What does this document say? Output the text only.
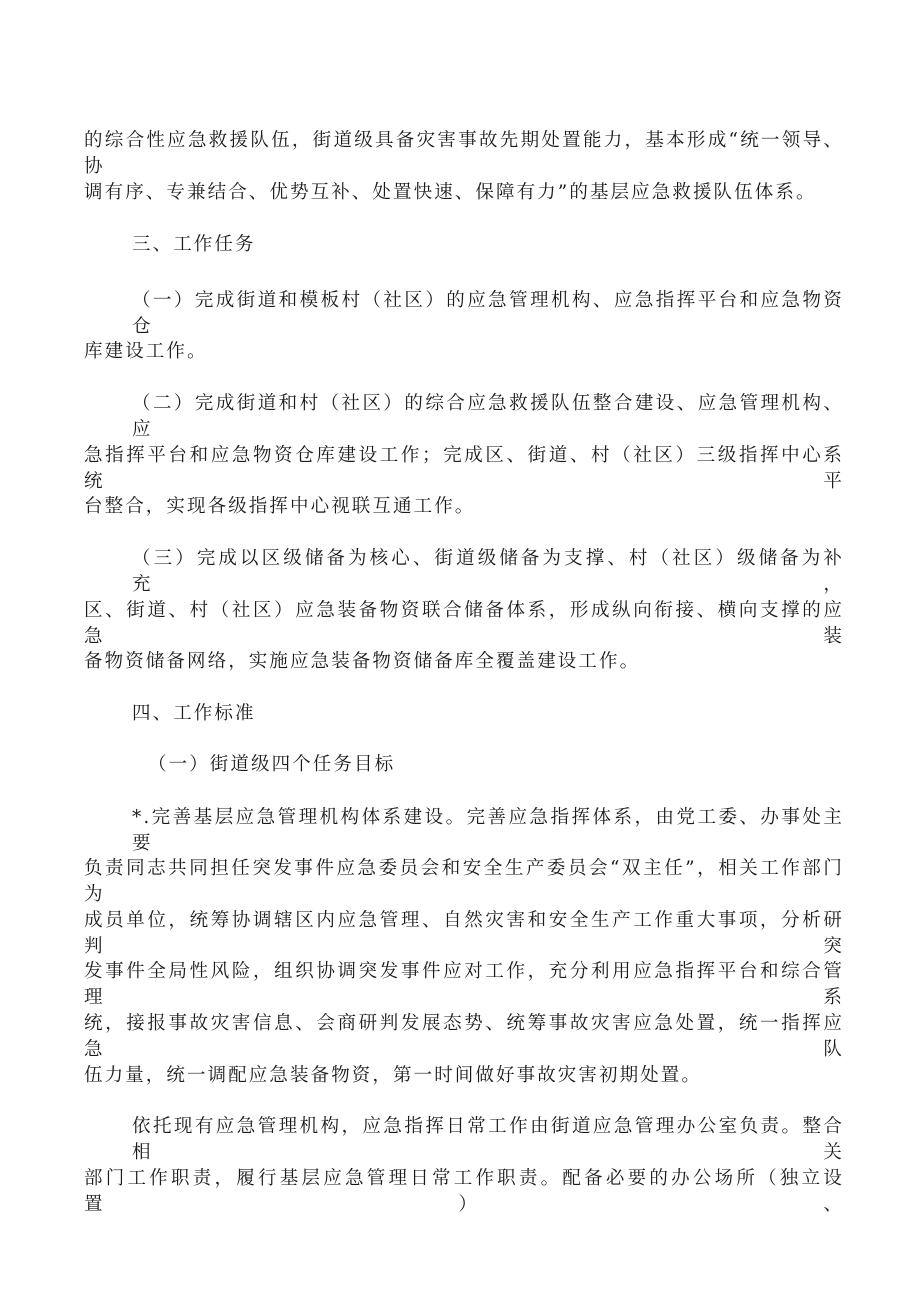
的综合性应急救援队伍，街道级具备灾害事故先期处置能力，基本形成“统一领导、协
调有序、专兼结合、优势互补、处置快速、保障有力”的基层应急救援队伍体系。
三、工作任务
（一）完成街道和模板村（社区）的应急管理机构、应急指挥平台和应急物资仓
库建设工作。
（二）完成街道和村（社区）的综合应急救援队伍整合建设、应急管理机构、应
急指挥平台和应急物资仓库建设工作；完成区、街道、村（社区）三级指挥中心系统平
台整合，实现各级指挥中心视联互通工作。
（三）完成以区级储备为核心、街道级储备为支撑、村（社区）级储备为补充，
区、街道、村（社区）应急装备物资联合储备体系，形成纵向衔接、横向支撑的应急装
备物资储备网络，实施应急装备物资储备库全覆盖建设工作。
四、工作标准
（一）街道级四个任务目标
*.完善基层应急管理机构体系建设。完善应急指挥体系，由党工委、办事处主要
负责同志共同担任突发事件应急委员会和安全生产委员会“双主任”，相关工作部门为
成员单位，统筹协调辖区内应急管理、自然灾害和安全生产工作重大事项，分析研判突
发事件全局性风险，组织协调突发事件应对工作，充分利用应急指挥平台和综合管理系
统，接报事故灾害信息、会商研判发展态势、统筹事故灾害应急处置，统一指挥应急队
伍力量，统一调配应急装备物资，第一时间做好事故灾害初期处置。
依托现有应急管理机构，应急指挥日常工作由街道应急管理办公室负责。整合相关
部门工作职责，履行基层应急管理日常工作职责。配备必要的办公场所（独立设置）、
